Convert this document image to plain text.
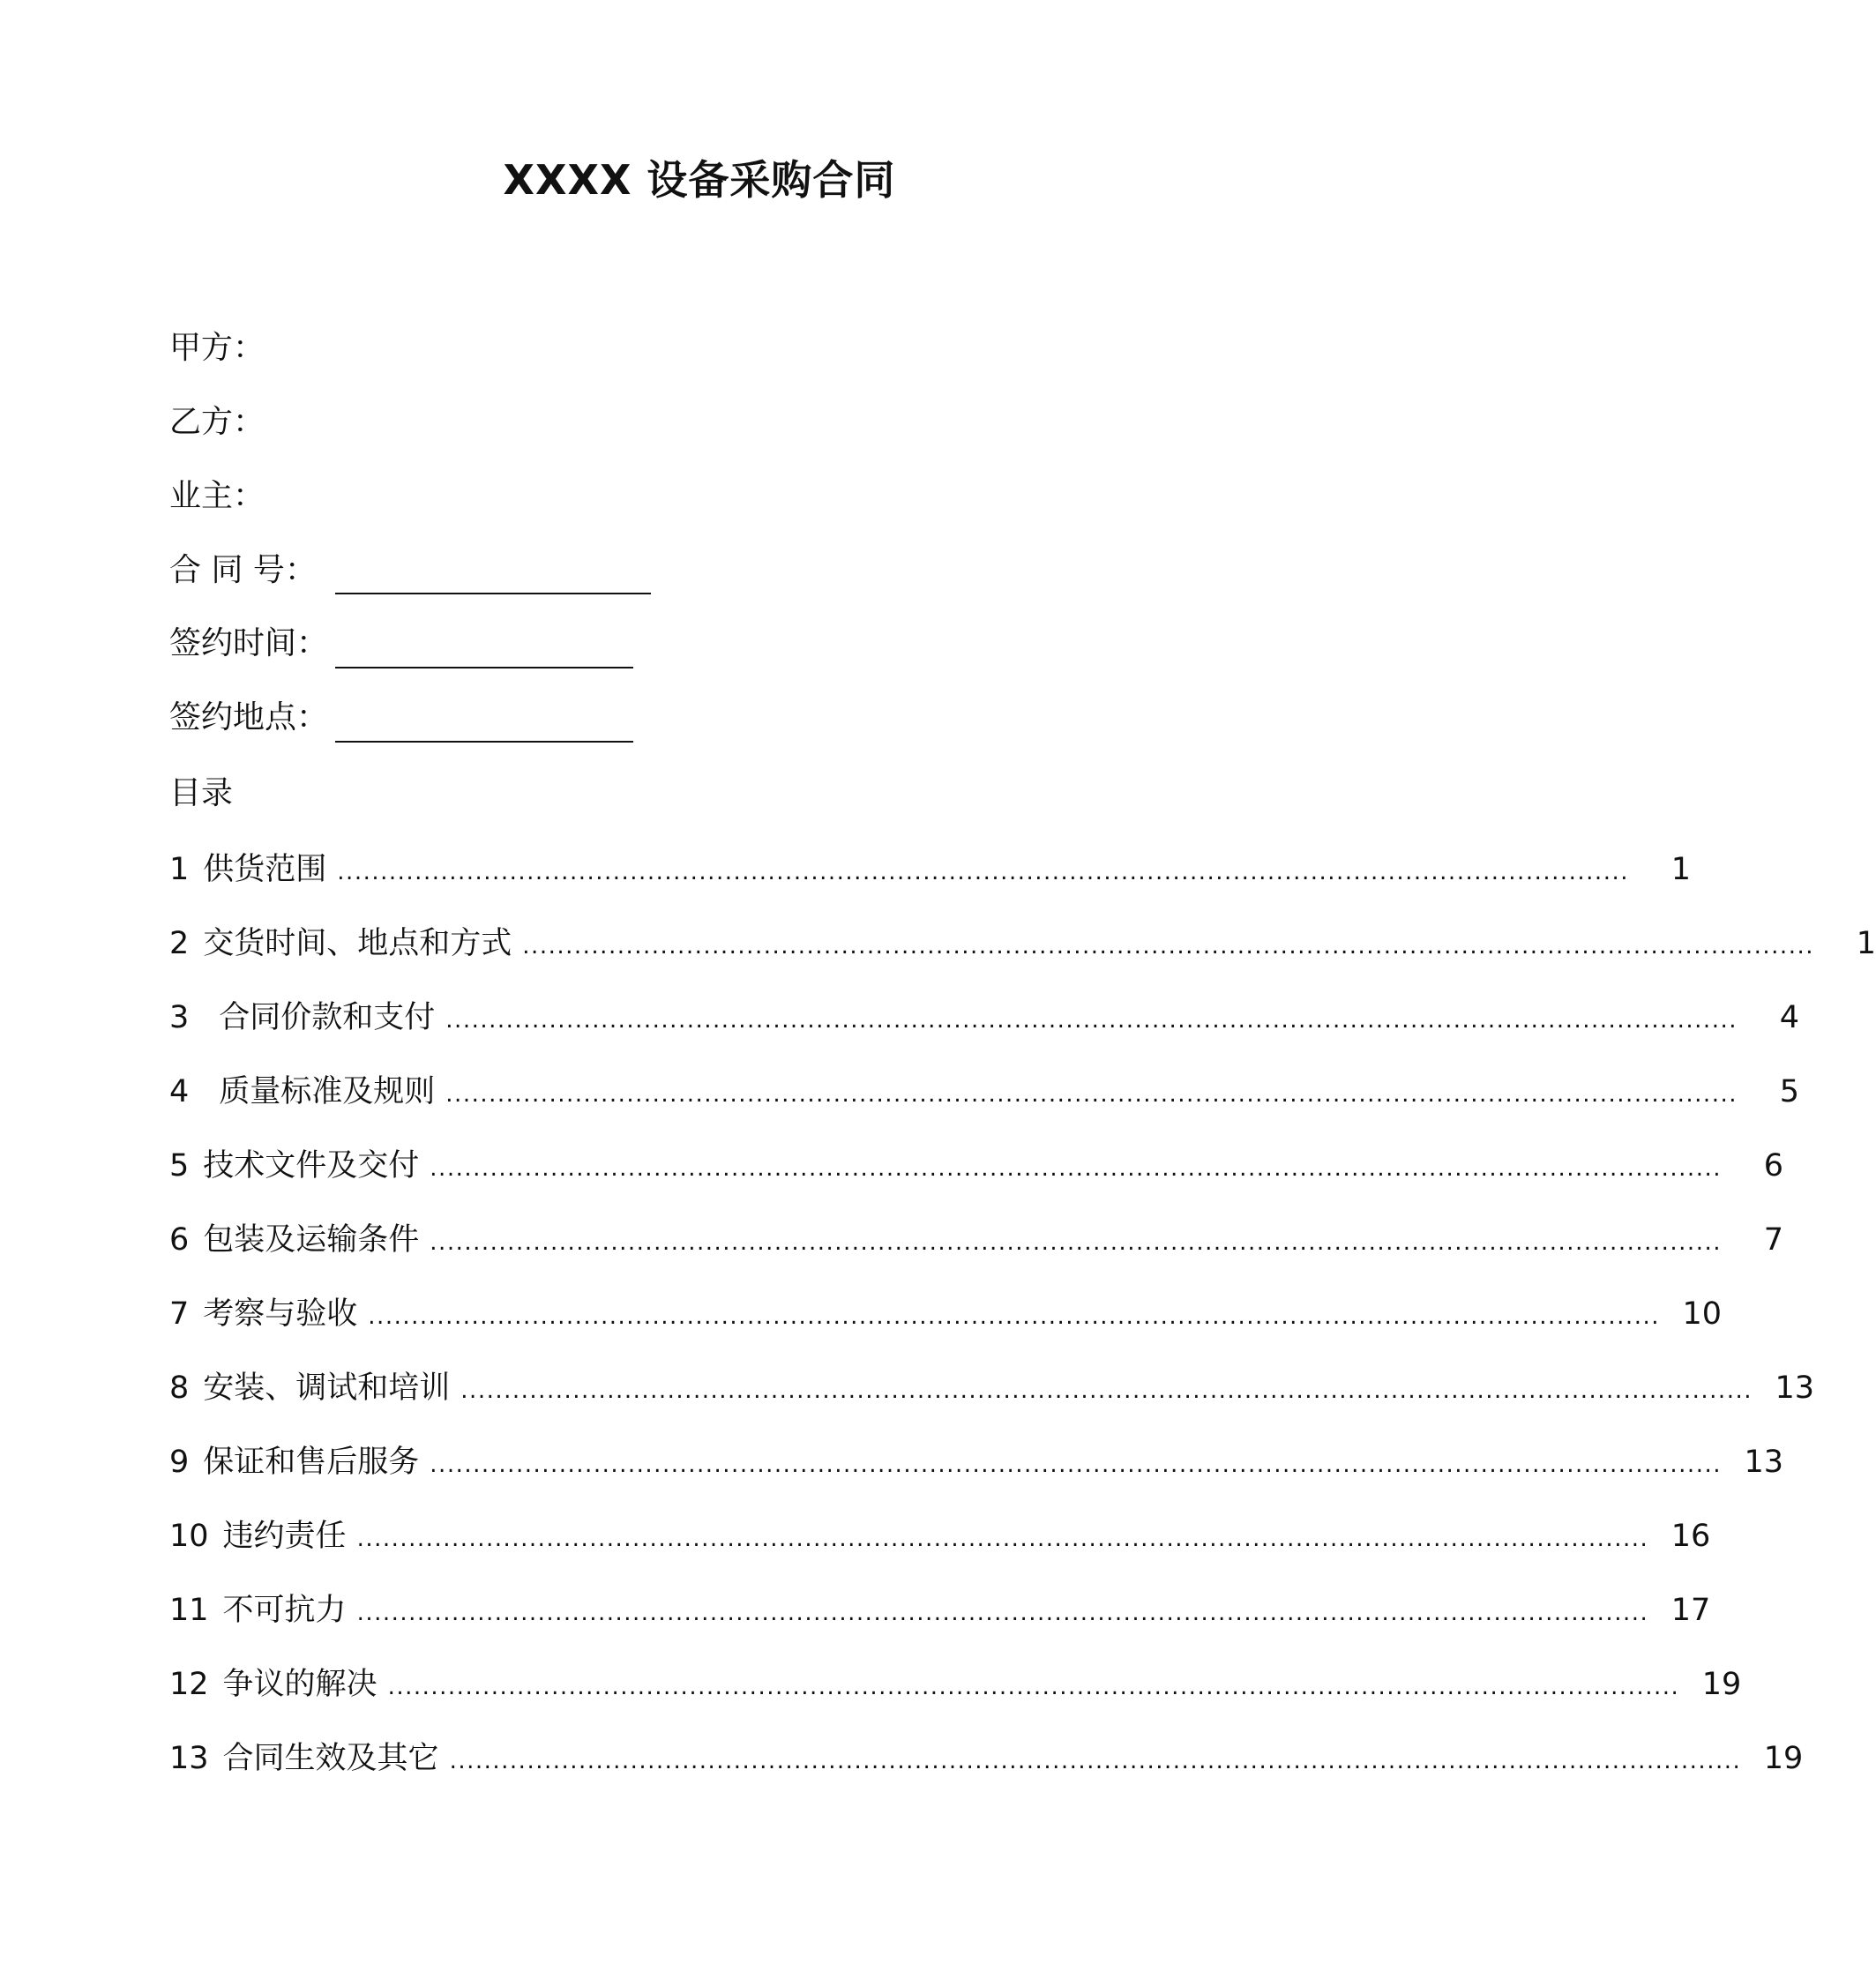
XXXX 设备采购合同
甲方：
乙方：
业主：
合 同 号：
签约时间：
签约地点：
目录
1 供货范围 ......................................................................................................................................................	1
2 交货时间、地点和方式 ......................................................................................................................................................	1
3 合同价款和支付 ......................................................................................................................................................	4
4 质量标准及规则 ......................................................................................................................................................	5
5 技术文件及交付 ......................................................................................................................................................	6
6 包装及运输条件 ......................................................................................................................................................	7
7 考察与验收 ...................................................................................................................................................... 10
8 安装、调试和培训 ...................................................................................................................................................... 13
9 保证和售后服务 ...................................................................................................................................................... 13
10 违约责任 ...................................................................................................................................................... 16
11 不可抗力 ...................................................................................................................................................... 17
12 争议的解决 ...................................................................................................................................................... 19
13 合同生效及其它 ...................................................................................................................................................... 19
